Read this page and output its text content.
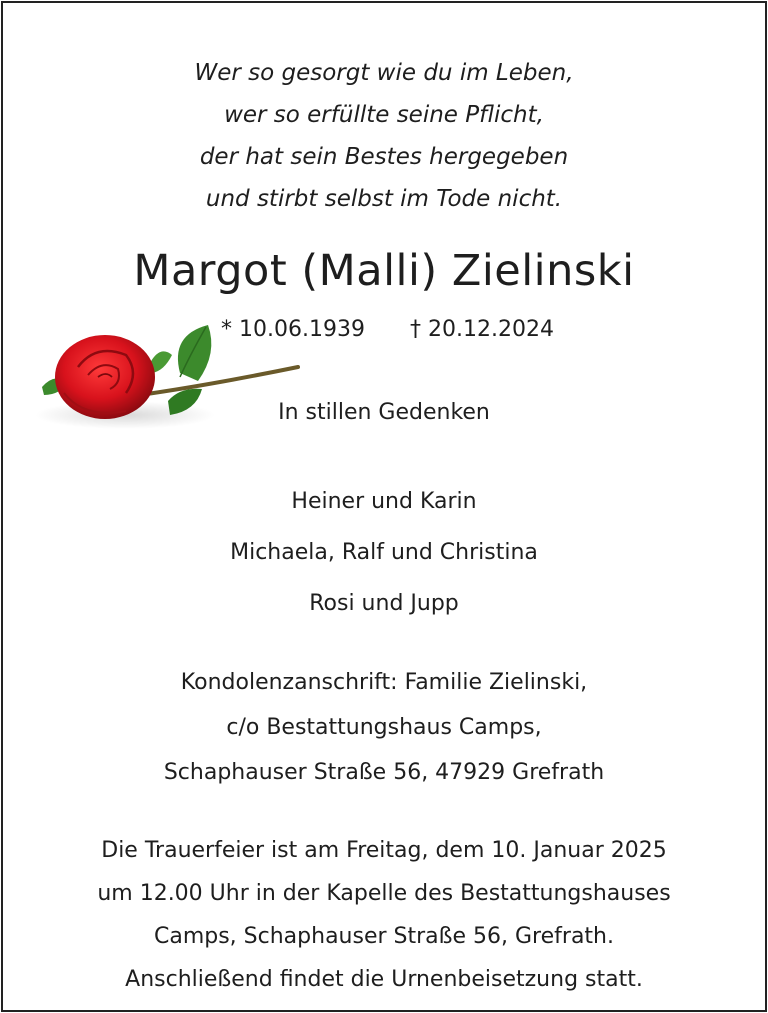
Wer so gesorgt wie du im Leben,
wer so erfüllte seine Pflicht,
der hat sein Bestes hergegeben
und stirbt selbst im Tode nicht.
Margot (Malli) Zielinski
* 10.06.1939 † 20.12.2024
In stillen Gedenken
Heiner und Karin
Michaela, Ralf und Christina
Rosi und Jupp
Kondolenzanschrift: Familie Zielinski,
c/o Bestattungshaus Camps,
Schaphauser Straße 56, 47929 Grefrath
Die Trauerfeier ist am Freitag, dem 10. Januar 2025
um 12.00 Uhr in der Kapelle des Bestattungshauses
Camps, Schaphauser Straße 56, Grefrath.
Anschließend findet die Urnenbeisetzung statt.
